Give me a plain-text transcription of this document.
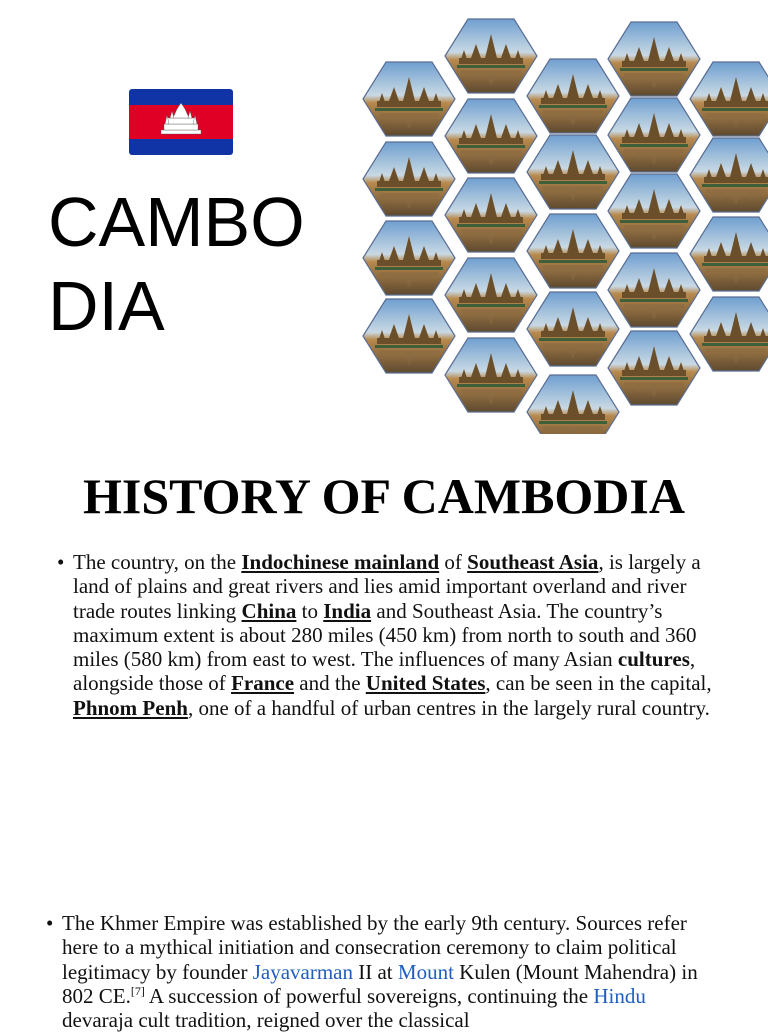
CAMBO
DIA
HISTORY OF CAMBODIA
• The country, on the Indochinese mainland of Southeast Asia, is largely a land of plains and great rivers and lies amid important overland and river trade routes linking China to India and Southeast Asia. The country’s maximum extent is about 280 miles (450 km) from north to south and 360 miles (580 km) from east to west. The influences of many Asian cultures, alongside those of France and the United States, can be seen in the capital, Phnom Penh, one of a handful of urban centres in the largely rural country.
• The Khmer Empire was established by the early 9th century. Sources refer here to a mythical initiation and consecration ceremony to claim political legitimacy by founder Jayavarman II at Mount Kulen (Mount Mahendra) in 802 CE.[7] A succession of powerful sovereigns, continuing the Hindu devaraja cult tradition, reigned over the classical
